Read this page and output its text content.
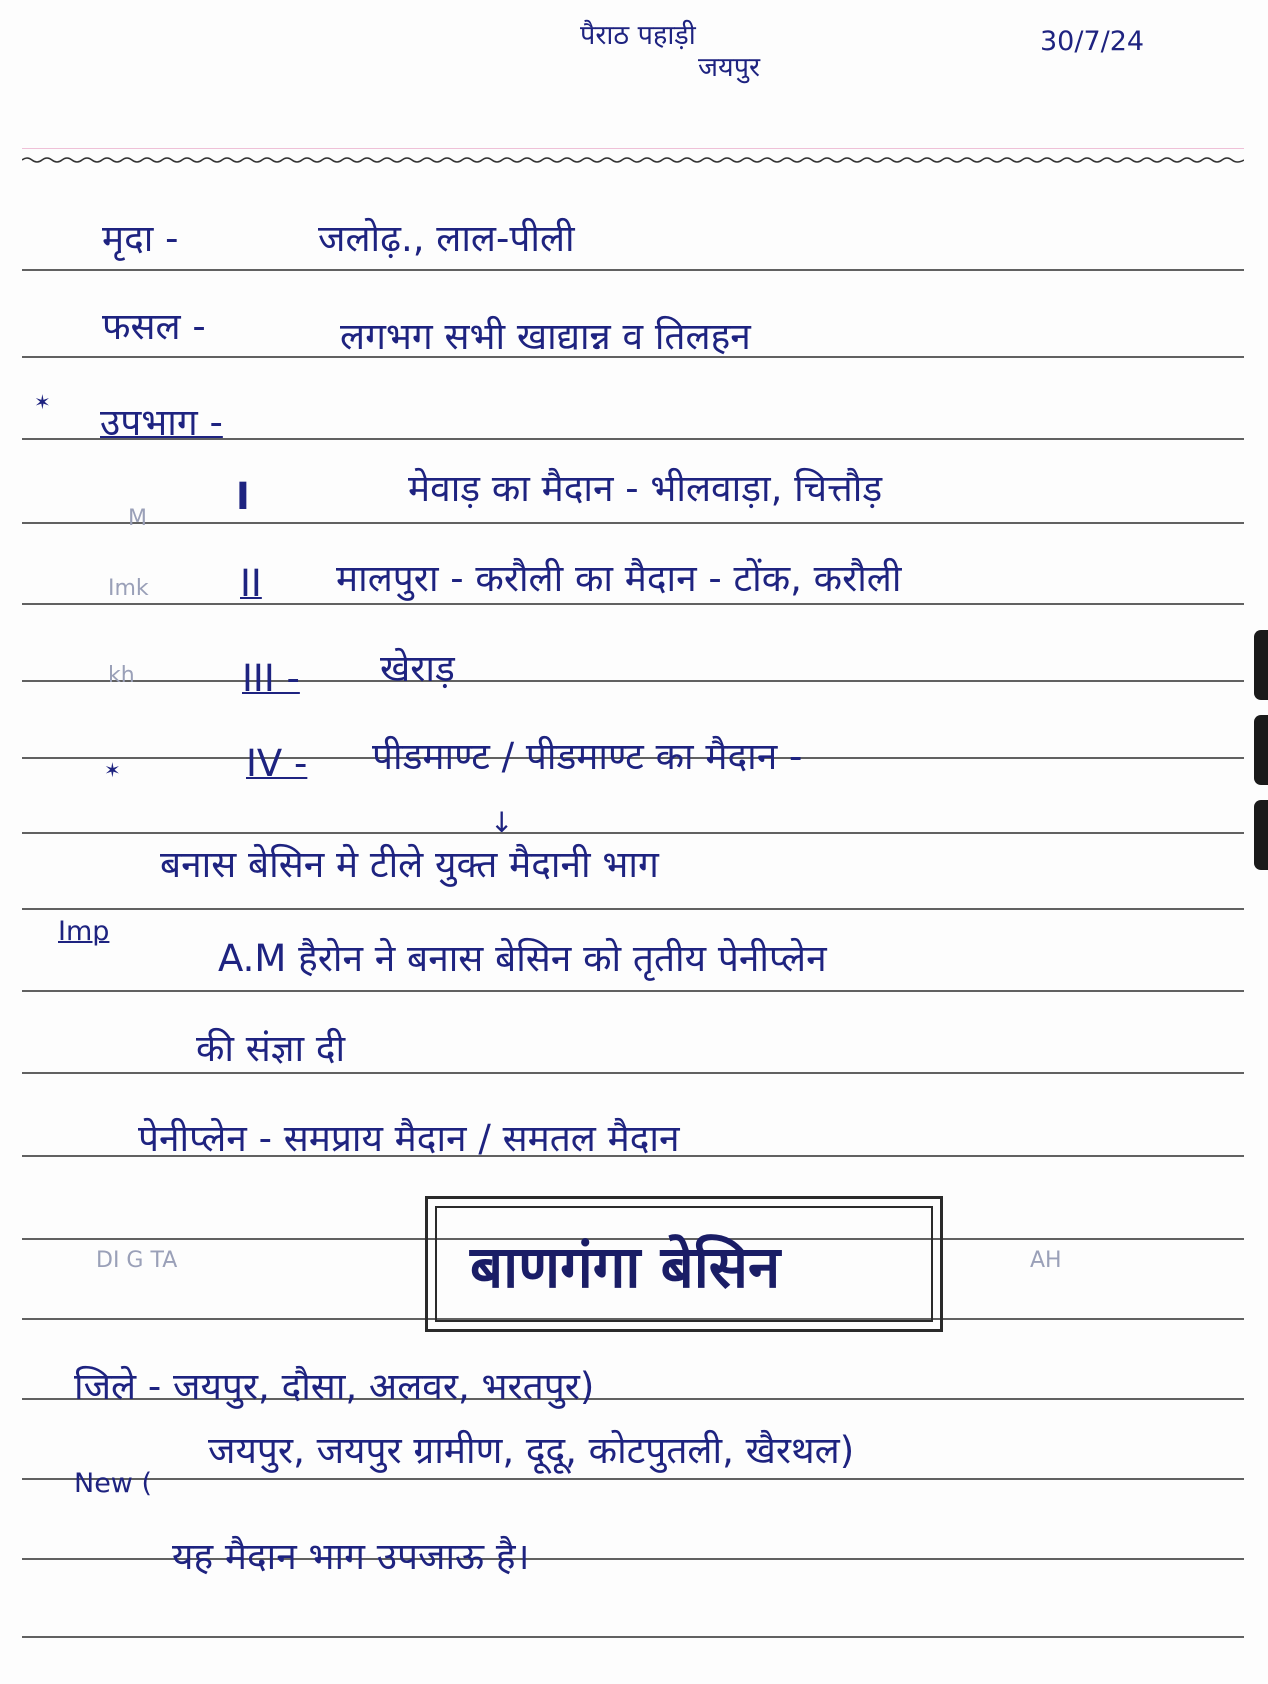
पैराठ पहाड़ी
जयपुर
30/7/24
मृदा -	जलोढ़., लाल-पीली
फसल -	लगभग सभी खाद्यान्न व तिलहन
✶ उपभाग -
M
I	मेवाड़ का मैदान - भीलवाड़ा, चित्तौड़
Imk II मालपुरा - करौली का मैदान - टोंक, करौली
kh	III - खेराड़
✶	IV - पीडमाण्ट / पीडमाण्ट का मैदान -
↓
बनास बेसिन मे टीले युक्त मैदानी भाग
Imp
A.M हैरोन ने बनास बेसिन को तृतीय पेनीप्लेन
की संज्ञा दी
पेनीप्लेन - समप्राय मैदान / समतल मैदान
बाणगंगा बेसिन
DI G TA	AH
जिले - जयपुर, दौसा, अलवर, भरतपुर)
New (
जयपुर, जयपुर ग्रामीण, दूदू, कोटपुतली, खैरथल)
यह मैदान भाग उपजाऊ है।
